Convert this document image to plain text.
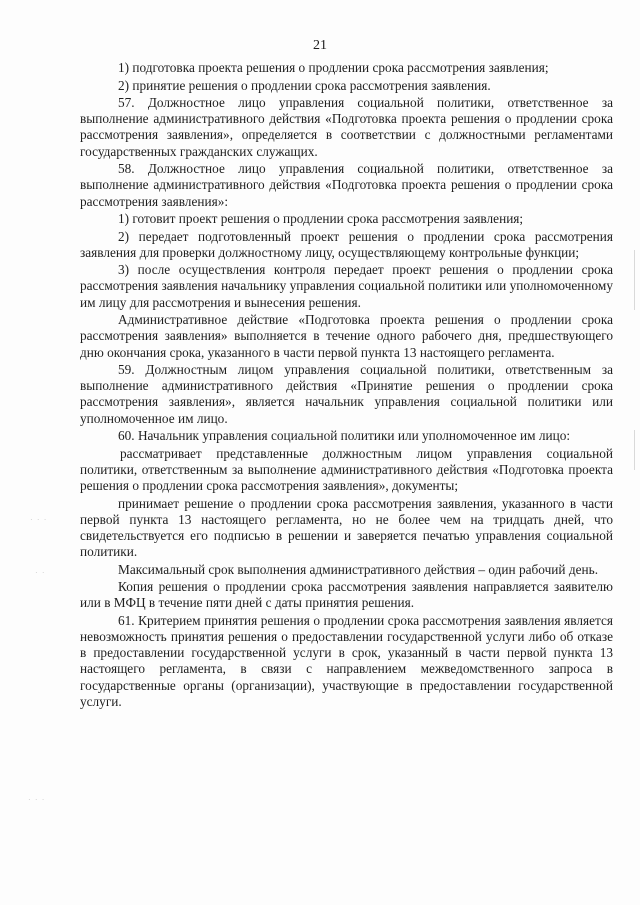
21

1) подготовка проекта решения о продлении срока рассмотрения заявления;

2) принятие решения о продлении срока рассмотрения заявления.

57. Должностное лицо управления социальной политики, ответственное за выполнение административного действия «Подготовка проекта решения о продлении срока рассмотрения заявления», определяется в соответствии с должностными регламентами государственных гражданских служащих.

58. Должностное лицо управления социальной политики, ответственное за выполнение административного действия «Подготовка проекта решения о продлении срока рассмотрения заявления»:

1) готовит проект решения о продлении срока рассмотрения заявления;

2) передает подготовленный проект решения о продлении срока рассмотрения заявления для проверки должностному лицу, осуществляющему контрольные функции;

3) после осуществления контроля передает проект решения о продлении срока рассмотрения заявления начальнику управления социальной политики или уполномоченному им лицу для рассмотрения и вынесения решения.

Административное действие «Подготовка проекта решения о продлении срока рассмотрения заявления» выполняется в течение одного рабочего дня, предшествующего дню окончания срока, указанного в части первой пункта 13 настоящего регламента.

59. Должностным лицом управления социальной политики, ответственным за выполнение административного действия «Принятие решения о продлении срока рассмотрения заявления», является начальник управления социальной политики или уполномоченное им лицо.

60. Начальник управления социальной политики или уполномоченное им лицо:

рассматривает представленные должностным лицом управления социальной политики, ответственным за выполнение административного действия «Подготовка проекта решения о продлении срока рассмотрения заявления», документы;

принимает решение о продлении срока рассмотрения заявления, указанного в части первой пункта 13 настоящего регламента, но не более чем на тридцать дней, что свидетельствуется его подписью в решении и заверяется печатью управления социальной политики.

Максимальный срок выполнения административного действия – один рабочий день.

Копия решения о продлении срока рассмотрения заявления направляется заявителю или в МФЦ в течение пяти дней с даты принятия решения.

61. Критерием принятия решения о продлении срока рассмотрения заявления является невозможность принятия решения о предоставлении государственной услуги либо об отказе в предоставлении государственной услуги в срок, указанный в части первой пункта 13 настоящего регламента, в связи с направлением межведомственного запроса в государственные органы (организации), участвующие в предоставлении государственной услуги.

· · ·
· ·
· · ·
